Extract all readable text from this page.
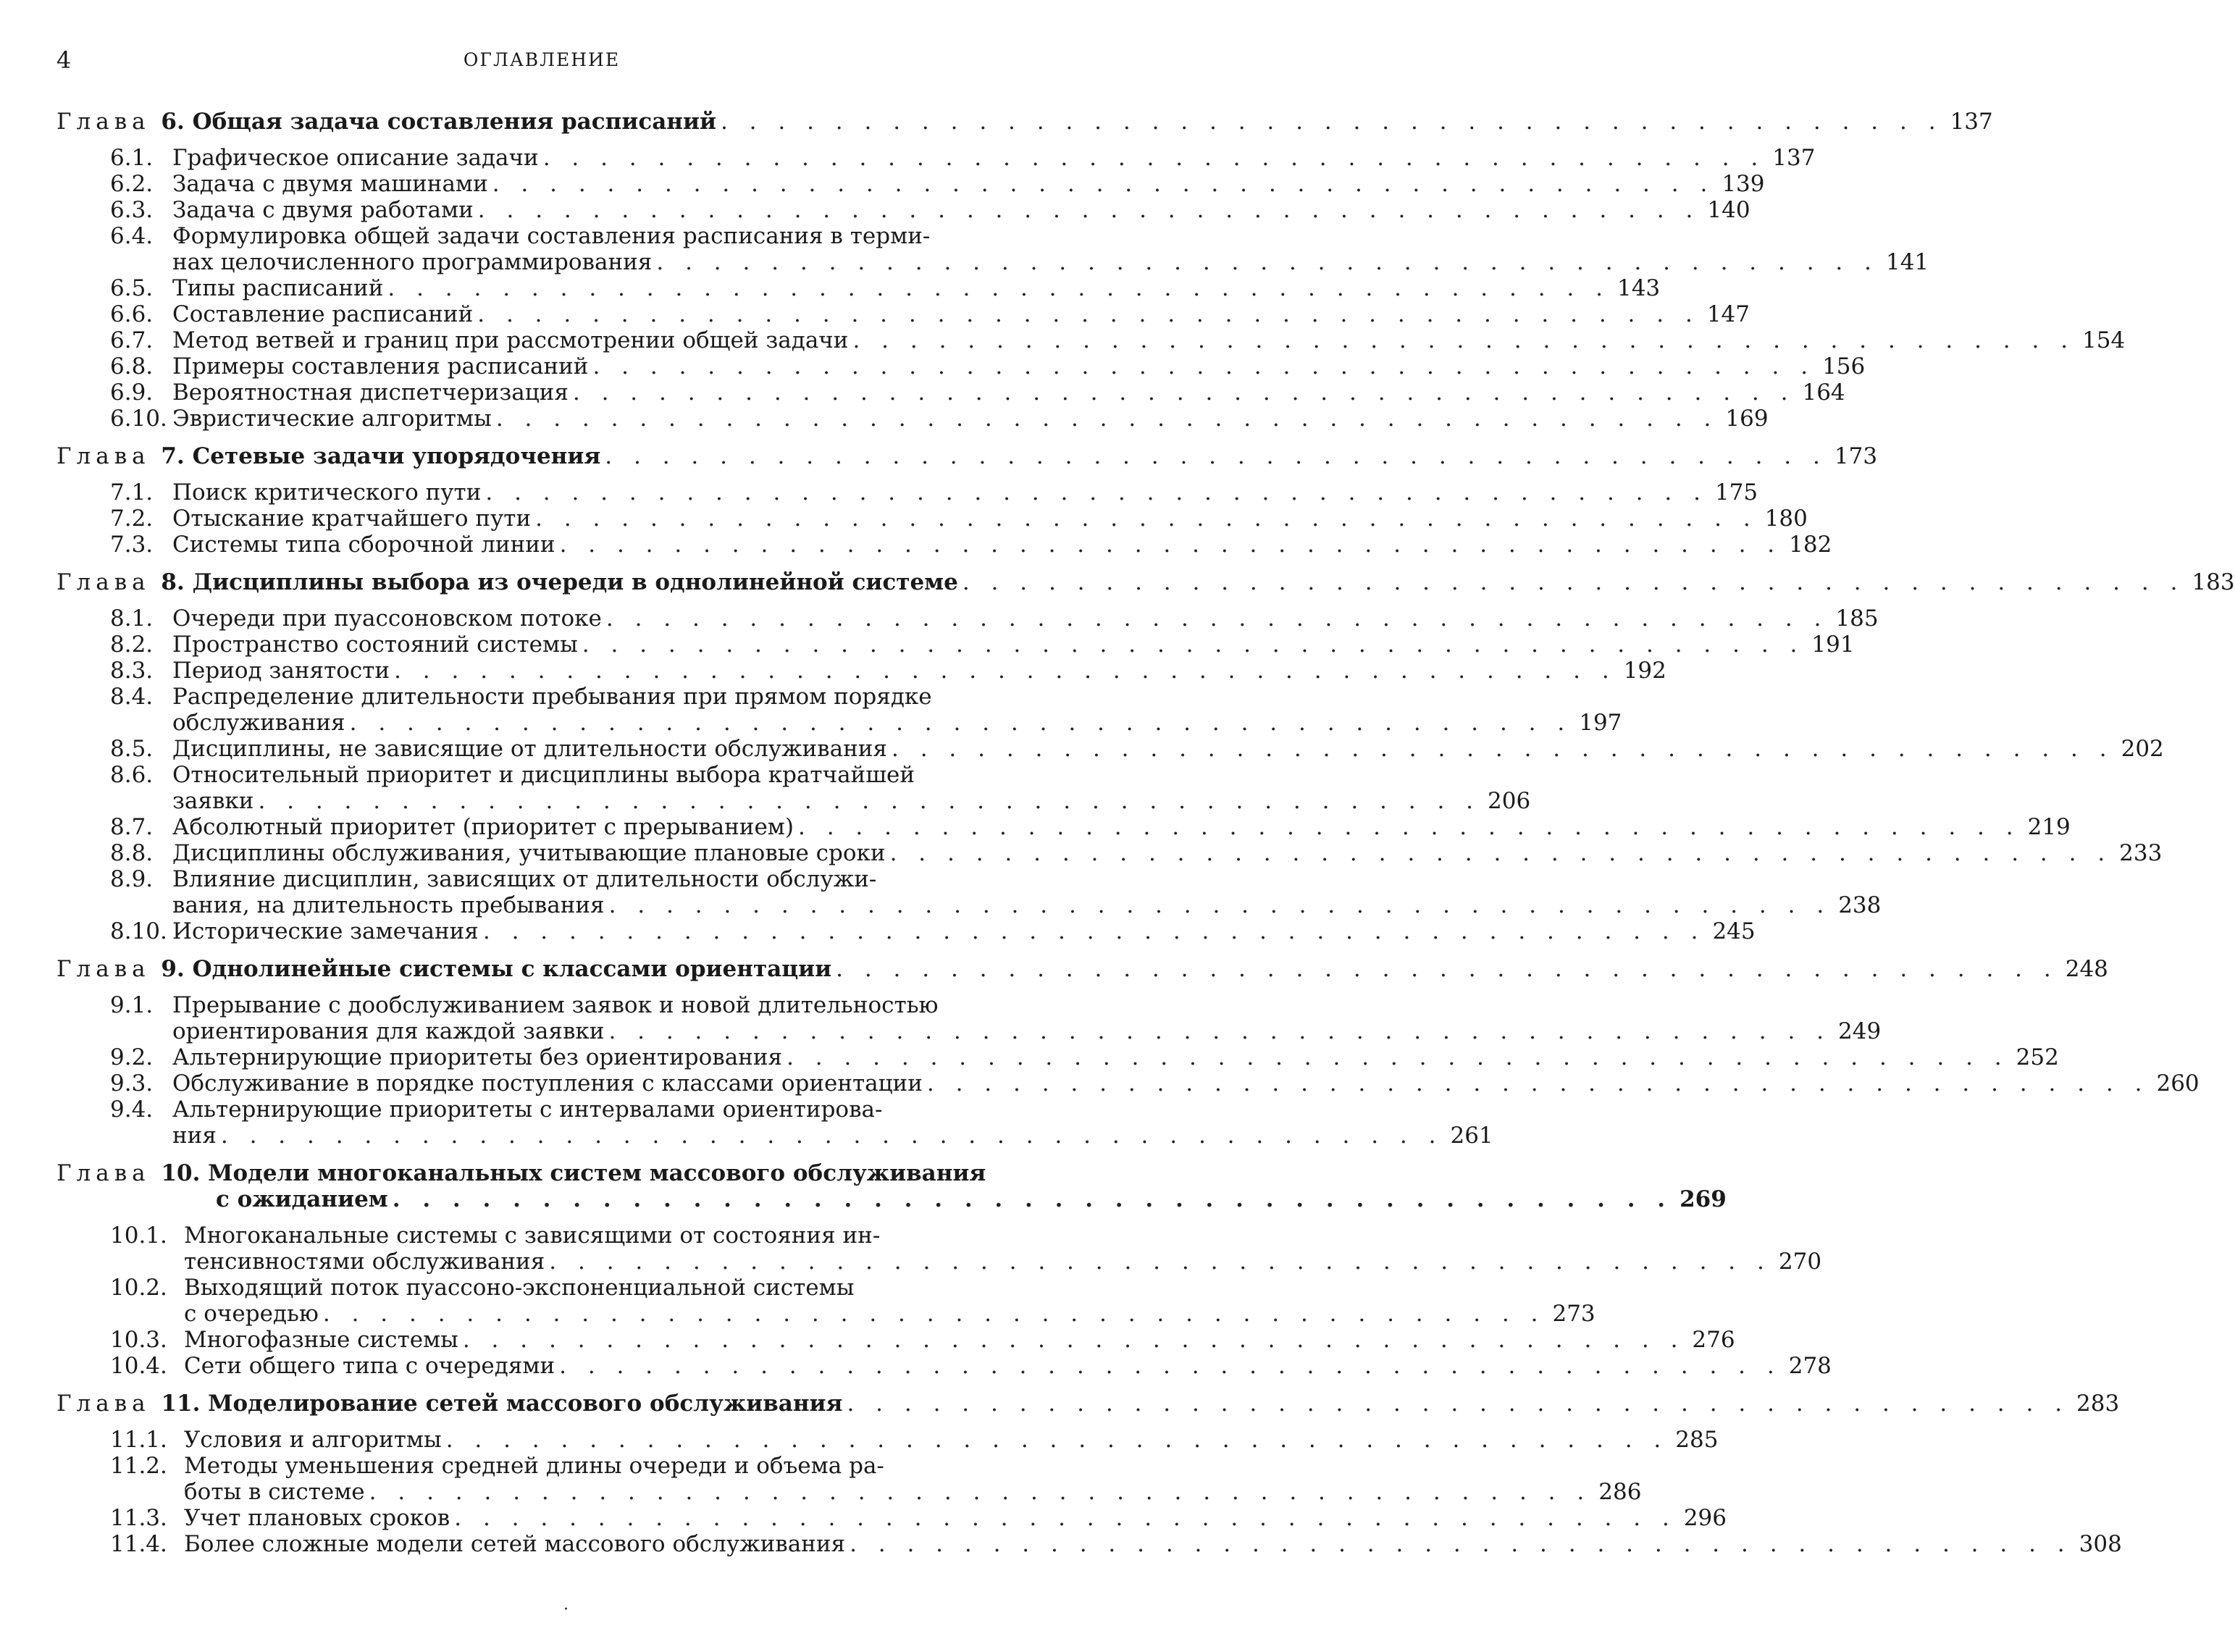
4	ОГЛАВЛЕНИЕ
Глава 6. Общая задача составления расписаний . . . . . . . . . . . . . . . . . . . . . . . . . . . . . . . . . . . . . . . . . . . 137
6.1. Графическое описание задачи . . . . . . . . . . . . . . . . . . . . . . . . . . . . . . . . . . . . . . . . . . . 137
6.2. Задача с двумя машинами . . . . . . . . . . . . . . . . . . . . . . . . . . . . . . . . . . . . . . . . . . . 139
6.3. Задача с двумя работами . . . . . . . . . . . . . . . . . . . . . . . . . . . . . . . . . . . . . . . . . . . 140
6.4. Формулировка общей задачи составления расписания в терми-
нах целочисленного программирования . . . . . . . . . . . . . . . . . . . . . . . . . . . . . . . . . . . . . . . . . . . 141
6.5. Типы расписаний . . . . . . . . . . . . . . . . . . . . . . . . . . . . . . . . . . . . . . . . . . . 143
6.6. Составление расписаний . . . . . . . . . . . . . . . . . . . . . . . . . . . . . . . . . . . . . . . . . . . 147
6.7. Метод ветвей и границ при рассмотрении общей задачи . . . . . . . . . . . . . . . . . . . . . . . . . . . . . . . . . . . . . . . . . . . 154
6.8. Примеры составления расписаний . . . . . . . . . . . . . . . . . . . . . . . . . . . . . . . . . . . . . . . . . . . 156
6.9. Вероятностная диспетчеризация . . . . . . . . . . . . . . . . . . . . . . . . . . . . . . . . . . . . . . . . . . . 164
6.10. Эвристические алгоритмы . . . . . . . . . . . . . . . . . . . . . . . . . . . . . . . . . . . . . . . . . . . 169
Глава 7. Сетевые задачи упорядочения . . . . . . . . . . . . . . . . . . . . . . . . . . . . . . . . . . . . . . . . . . . 173
7.1. Поиск критического пути . . . . . . . . . . . . . . . . . . . . . . . . . . . . . . . . . . . . . . . . . . . 175
7.2. Отыскание кратчайшего пути . . . . . . . . . . . . . . . . . . . . . . . . . . . . . . . . . . . . . . . . . . . 180
7.3. Системы типа сборочной линии . . . . . . . . . . . . . . . . . . . . . . . . . . . . . . . . . . . . . . . . . . . 182
Глава 8. Дисциплины выбора из очереди в однолинейной системе . . . . . . . . . . . . . . . . . . . . . . . . . . . . . . . . . . . . . . . . . . . 183
8.1. Очереди при пуассоновском потоке . . . . . . . . . . . . . . . . . . . . . . . . . . . . . . . . . . . . . . . . . . . 185
8.2. Пространство состояний системы . . . . . . . . . . . . . . . . . . . . . . . . . . . . . . . . . . . . . . . . . . . 191
8.3. Период занятости . . . . . . . . . . . . . . . . . . . . . . . . . . . . . . . . . . . . . . . . . . . 192
8.4. Распределение длительности пребывания при прямом порядке
обслуживания . . . . . . . . . . . . . . . . . . . . . . . . . . . . . . . . . . . . . . . . . . . 197
8.5. Дисциплины, не зависящие от длительности обслуживания . . . . . . . . . . . . . . . . . . . . . . . . . . . . . . . . . . . . . . . . . . . 202
8.6. Относительный приоритет и дисциплины выбора кратчайшей
заявки . . . . . . . . . . . . . . . . . . . . . . . . . . . . . . . . . . . . . . . . . . . 206
8.7. Абсолютный приоритет (приоритет с прерыванием) . . . . . . . . . . . . . . . . . . . . . . . . . . . . . . . . . . . . . . . . . . . 219
8.8. Дисциплины обслуживания, учитывающие плановые сроки . . . . . . . . . . . . . . . . . . . . . . . . . . . . . . . . . . . . . . . . . . . 233
8.9. Влияние дисциплин, зависящих от длительности обслужи-
вания, на длительность пребывания . . . . . . . . . . . . . . . . . . . . . . . . . . . . . . . . . . . . . . . . . . . 238
8.10. Исторические замечания . . . . . . . . . . . . . . . . . . . . . . . . . . . . . . . . . . . . . . . . . . . 245
Глава 9. Однолинейные системы с классами ориентации . . . . . . . . . . . . . . . . . . . . . . . . . . . . . . . . . . . . . . . . . . . 248
9.1. Прерывание с дообслуживанием заявок и новой длительностью
ориентирования для каждой заявки . . . . . . . . . . . . . . . . . . . . . . . . . . . . . . . . . . . . . . . . . . . 249
9.2. Альтернирующие приоритеты без ориентирования . . . . . . . . . . . . . . . . . . . . . . . . . . . . . . . . . . . . . . . . . . . 252
9.3. Обслуживание в порядке поступления с классами ориентации . . . . . . . . . . . . . . . . . . . . . . . . . . . . . . . . . . . . . . . . . . . 260
9.4. Альтернирующие приоритеты с интервалами ориентирова-
ния . . . . . . . . . . . . . . . . . . . . . . . . . . . . . . . . . . . . . . . . . . . 261
Глава 10. Модели многоканальных систем массового обслуживания
с ожиданием . . . . . . . . . . . . . . . . . . . . . . . . . . . . . . . . . . . . . . . . . . . 269
10.1. Многоканальные системы с зависящими от состояния ин-
тенсивностями обслуживания . . . . . . . . . . . . . . . . . . . . . . . . . . . . . . . . . . . . . . . . . . . 270
10.2. Выходящий поток пуассоно-экспоненциальной системы
с очередью . . . . . . . . . . . . . . . . . . . . . . . . . . . . . . . . . . . . . . . . . . . 273
10.3. Многофазные системы . . . . . . . . . . . . . . . . . . . . . . . . . . . . . . . . . . . . . . . . . . . 276
10.4. Сети общего типа с очередями . . . . . . . . . . . . . . . . . . . . . . . . . . . . . . . . . . . . . . . . . . . 278
Глава 11. Моделирование сетей массового обслуживания . . . . . . . . . . . . . . . . . . . . . . . . . . . . . . . . . . . . . . . . . . . 283
11.1. Условия и алгоритмы . . . . . . . . . . . . . . . . . . . . . . . . . . . . . . . . . . . . . . . . . . . 285
11.2. Методы уменьшения средней длины очереди и объема ра-
боты в системе . . . . . . . . . . . . . . . . . . . . . . . . . . . . . . . . . . . . . . . . . . . 286
11.3. Учет плановых сроков . . . . . . . . . . . . . . . . . . . . . . . . . . . . . . . . . . . . . . . . . . . 296
11.4. Более сложные модели сетей массового обслуживания . . . . . . . . . . . . . . . . . . . . . . . . . . . . . . . . . . . . . . . . . . . 308
·
